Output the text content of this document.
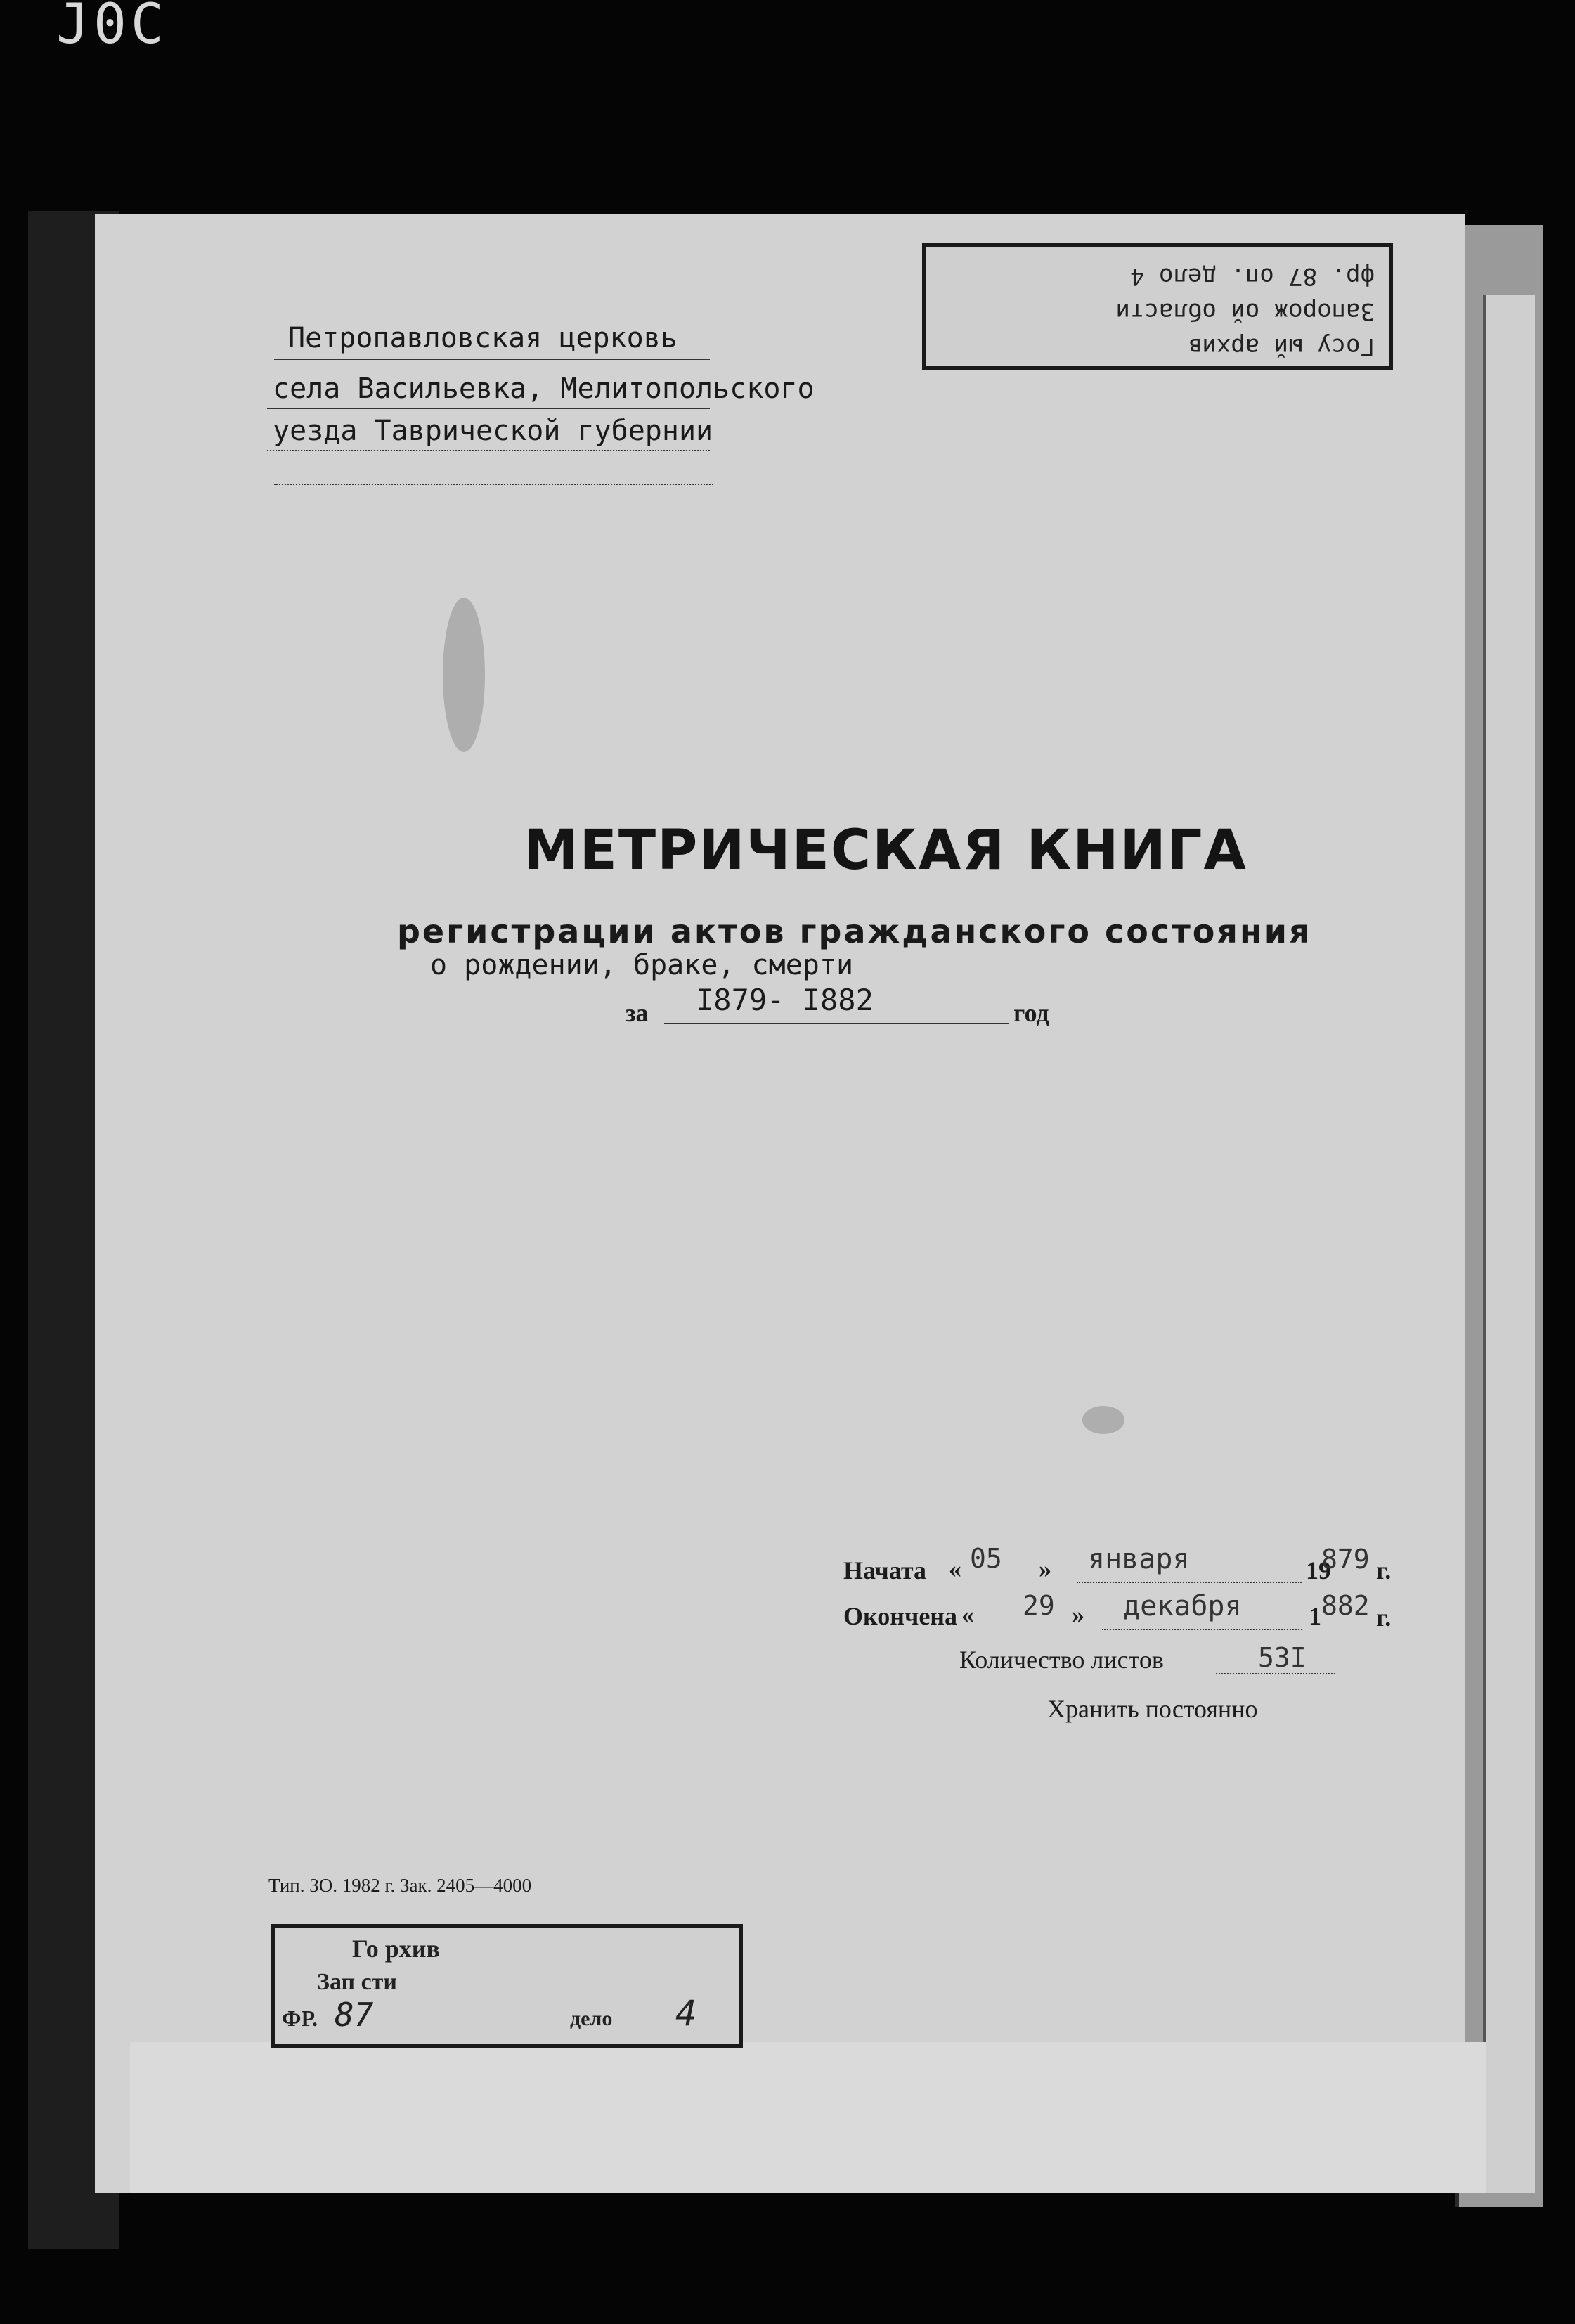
J0C
Петропавловская церковь
села Васильевка, Мелитопольского
уезда Таврической губернии
Госу ый архив
Запорож ой области
фр. 87 оп. дело 4
МЕТРИЧЕСКАЯ КНИГА
регистрации актов гражданского состояния
о рождении, браке, смерти
за I879- I882	год
Начата « 05 » января	19
879 г.
Окончена « 29 » декабря	1 882 г.
Количество листов	53I
Хранить постоянно
Тип. ЗО. 1982 г. Зак. 2405—4000
Го рхив
Зап сти
ФР. 87	дело 4
